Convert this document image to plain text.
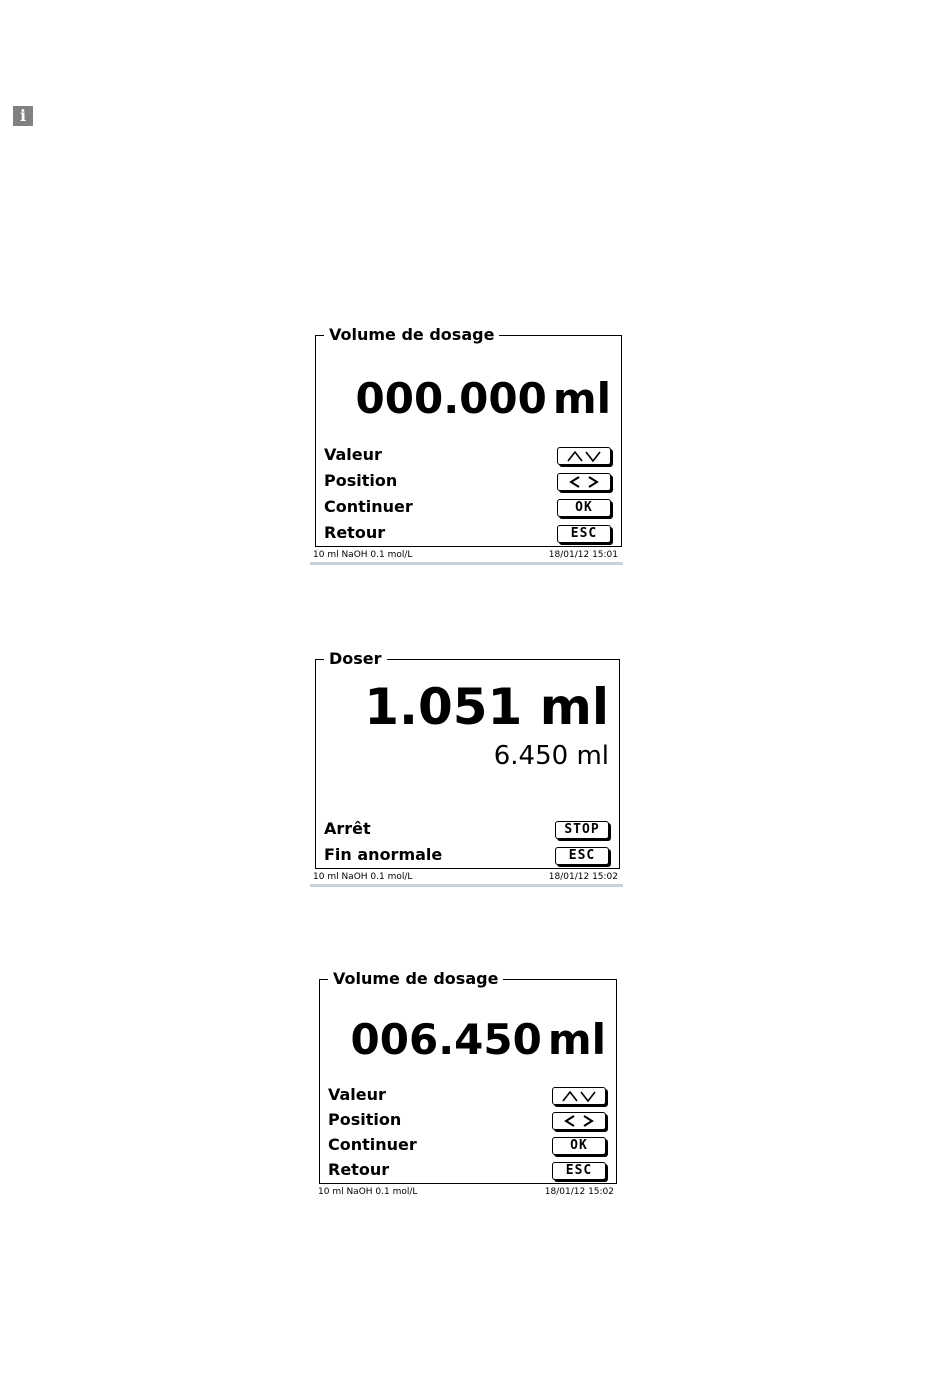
i
Volume de dosage
000.000 ml
Valeur
Position
Continuer	OK
Retour	ESC
10 ml NaOH 0.1 mol/L	18/01/12 15:01
Doser
1.051 ml
6.450 ml
Arrêt	STOP
Fin anormale	ESC
10 ml NaOH 0.1 mol/L	18/01/12 15:02
Volume de dosage
006.450 ml
Valeur
Position
Continuer	OK
Retour	ESC
10 ml NaOH 0.1 mol/L	18/01/12 15:02
